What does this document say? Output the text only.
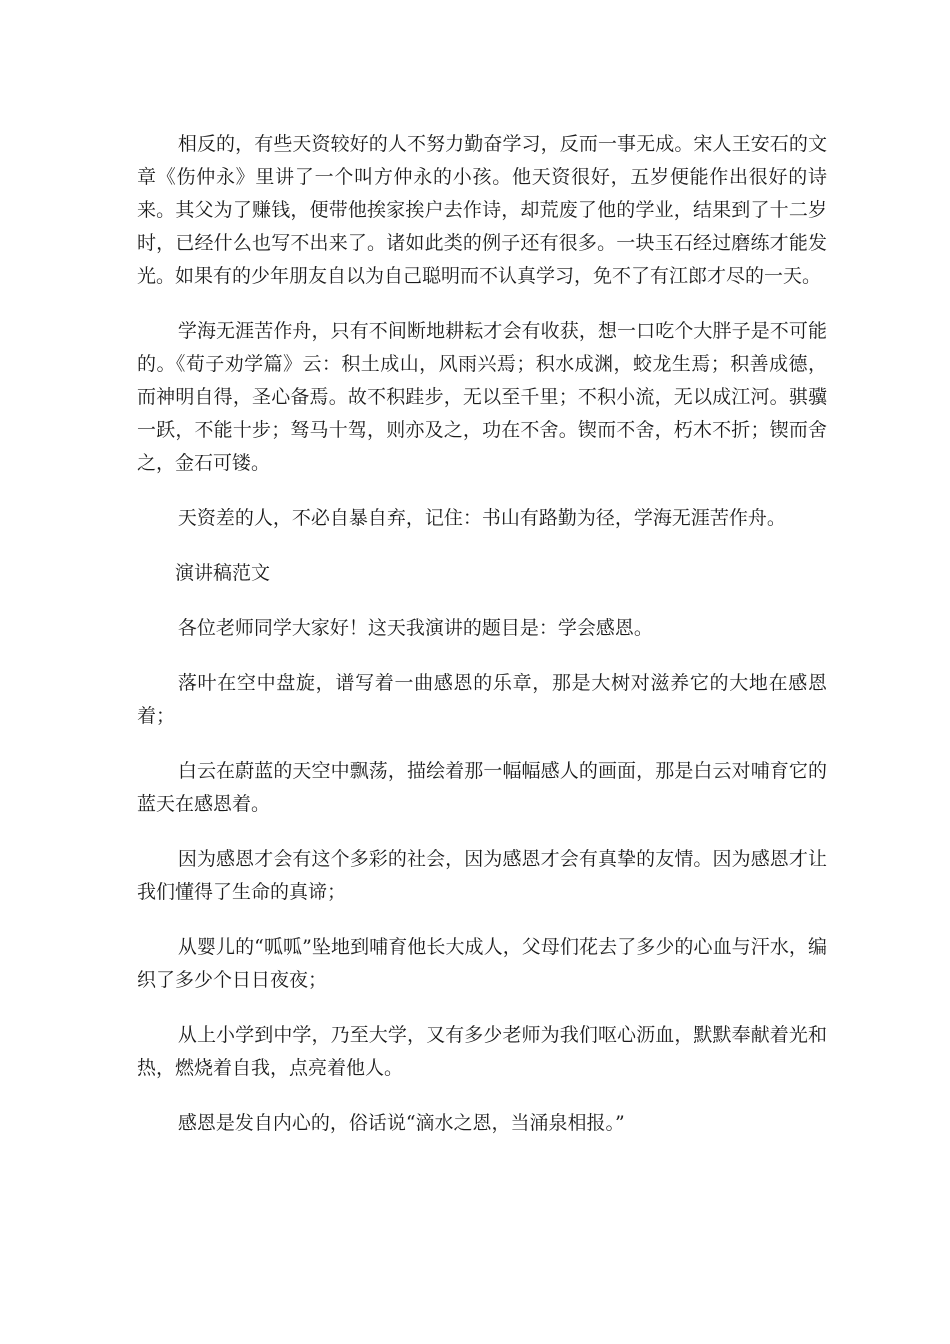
相反的，有些天资较好的人不努力勤奋学习，反而一事无成。宋人王安石的文章《伤仲永》里讲了一个叫方仲永的小孩。他天资很好，五岁便能作出很好的诗来。其父为了赚钱，便带他挨家挨户去作诗，却荒废了他的学业，结果到了十二岁时，已经什么也写不出来了。诸如此类的例子还有很多。一块玉石经过磨练才能发光。如果有的少年朋友自以为自己聪明而不认真学习，免不了有江郎才尽的一天。

学海无涯苦作舟，只有不间断地耕耘才会有收获，想一口吃个大胖子是不可能的。《荀子劝学篇》云：积土成山，风雨兴焉；积水成渊，蛟龙生焉；积善成德，而神明自得，圣心备焉。故不积跬步，无以至千里；不积小流，无以成江河。骐骥一跃，不能十步；驽马十驾，则亦及之，功在不舍。锲而不舍，朽木不折；锲而舍之，金石可镂。

天资差的人，不必自暴自弃，记住：书山有路勤为径，学海无涯苦作舟。

演讲稿范文

各位老师同学大家好！这天我演讲的题目是：学会感恩。

落叶在空中盘旋，谱写着一曲感恩的乐章，那是大树对滋养它的大地在感恩着；

白云在蔚蓝的天空中飘荡，描绘着那一幅幅感人的画面，那是白云对哺育它的蓝天在感恩着。

因为感恩才会有这个多彩的社会，因为感恩才会有真挚的友情。因为感恩才让我们懂得了生命的真谛；

从婴儿的“呱呱”坠地到哺育他长大成人，父母们花去了多少的心血与汗水，编织了多少个日日夜夜；

从上小学到中学，乃至大学，又有多少老师为我们呕心沥血，默默奉献着光和热，燃烧着自我，点亮着他人。

感恩是发自内心的，俗话说“滴水之恩，当涌泉相报。”
